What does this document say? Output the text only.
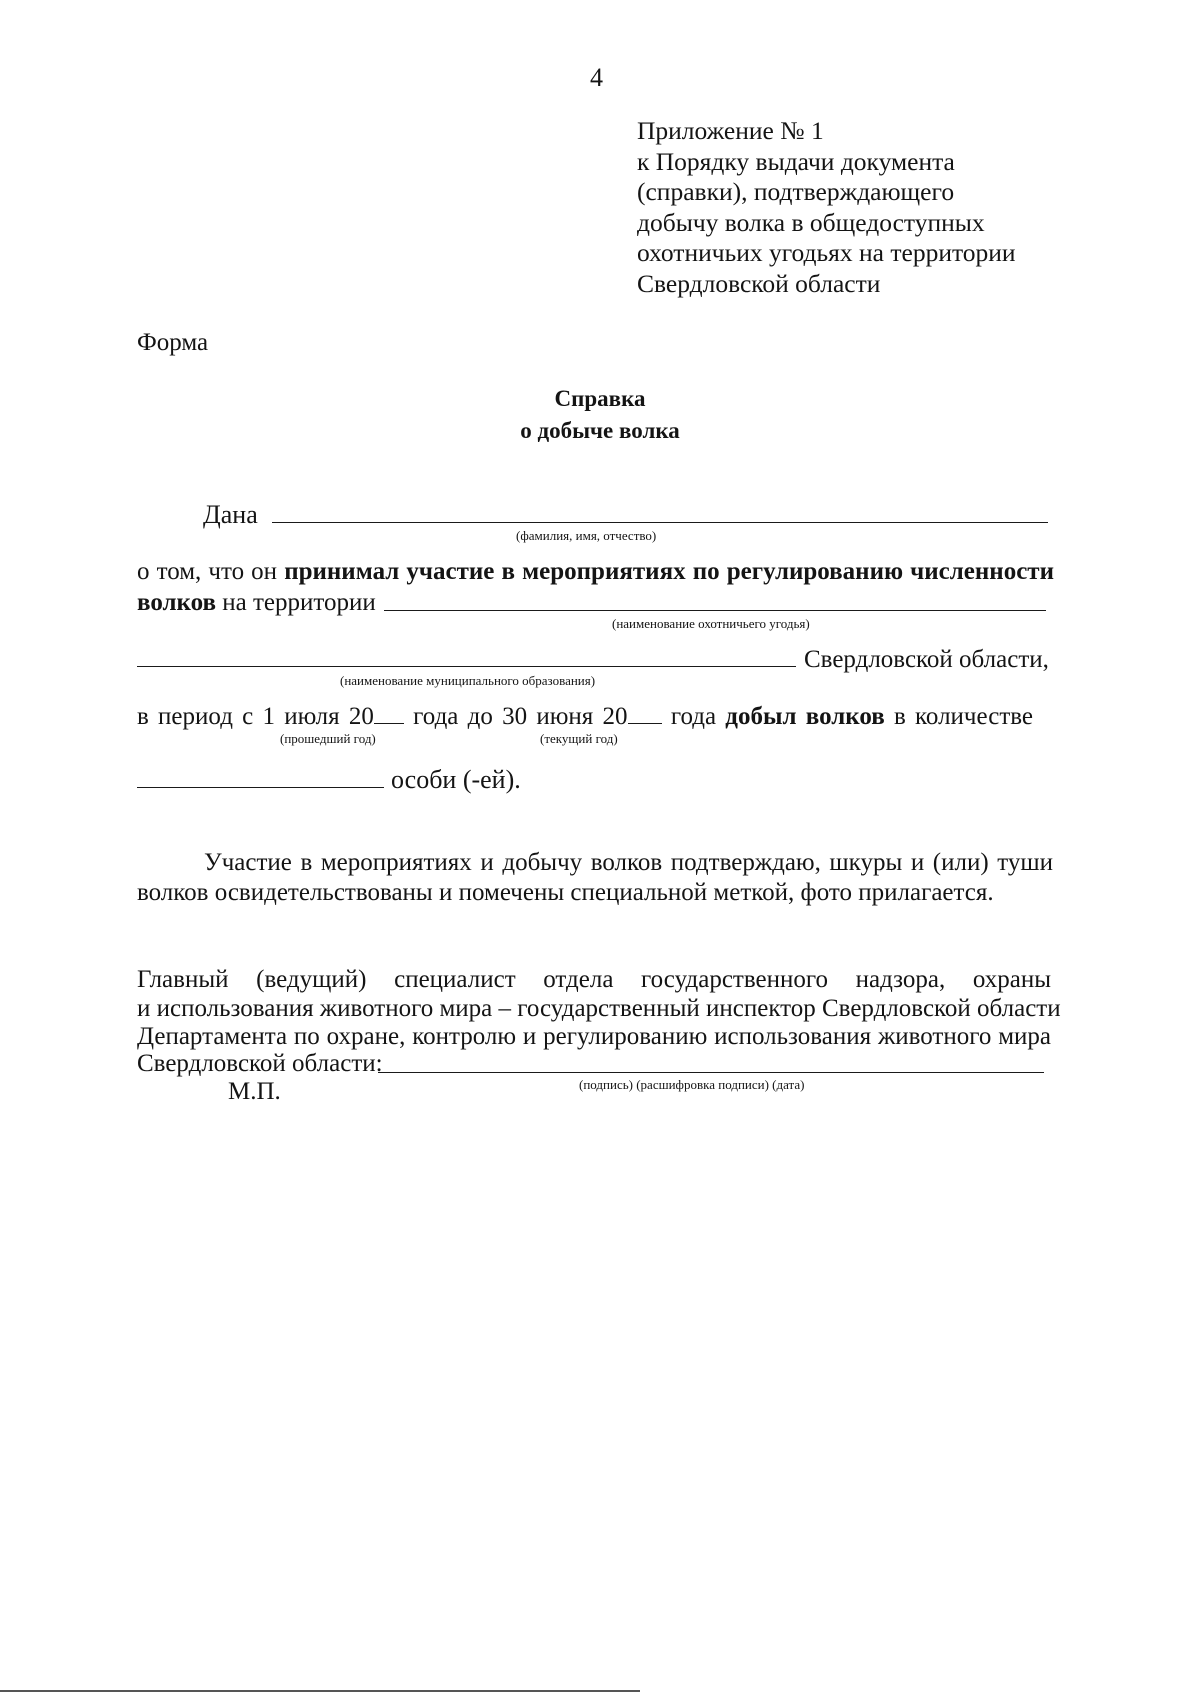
4
Приложение № 1
к Порядку выдачи документа
(справки), подтверждающего
добычу волка в общедоступных
охотничьих угодьях на территории
Свердловской области
Форма
Справка
о добыче волка
Дана
(фамилия, имя, отчество)
о том, что он принимал участие в мероприятиях по регулированию численности
волков на территории
(наименование охотничьего угодья)
Свердловской области,
(наименование муниципального образования)
в период с 1 июля 20 года до 30 июня 20 года добыл волков в количестве
(прошедший год)	(текущий год)
особи (-ей).
Участие в мероприятиях и добычу волков подтверждаю, шкуры и (или) туши
волков освидетельствованы и помечены специальной меткой, фото прилагается.
Главный (ведущий) специалист отдела государственного надзора, охраны
и использования животного мира – государственный инспектор Свердловской области
Департамента по охране, контролю и регулированию использования животного мира
Свердловской области:
М.П.	(подпись) (расшифровка подписи) (дата)
